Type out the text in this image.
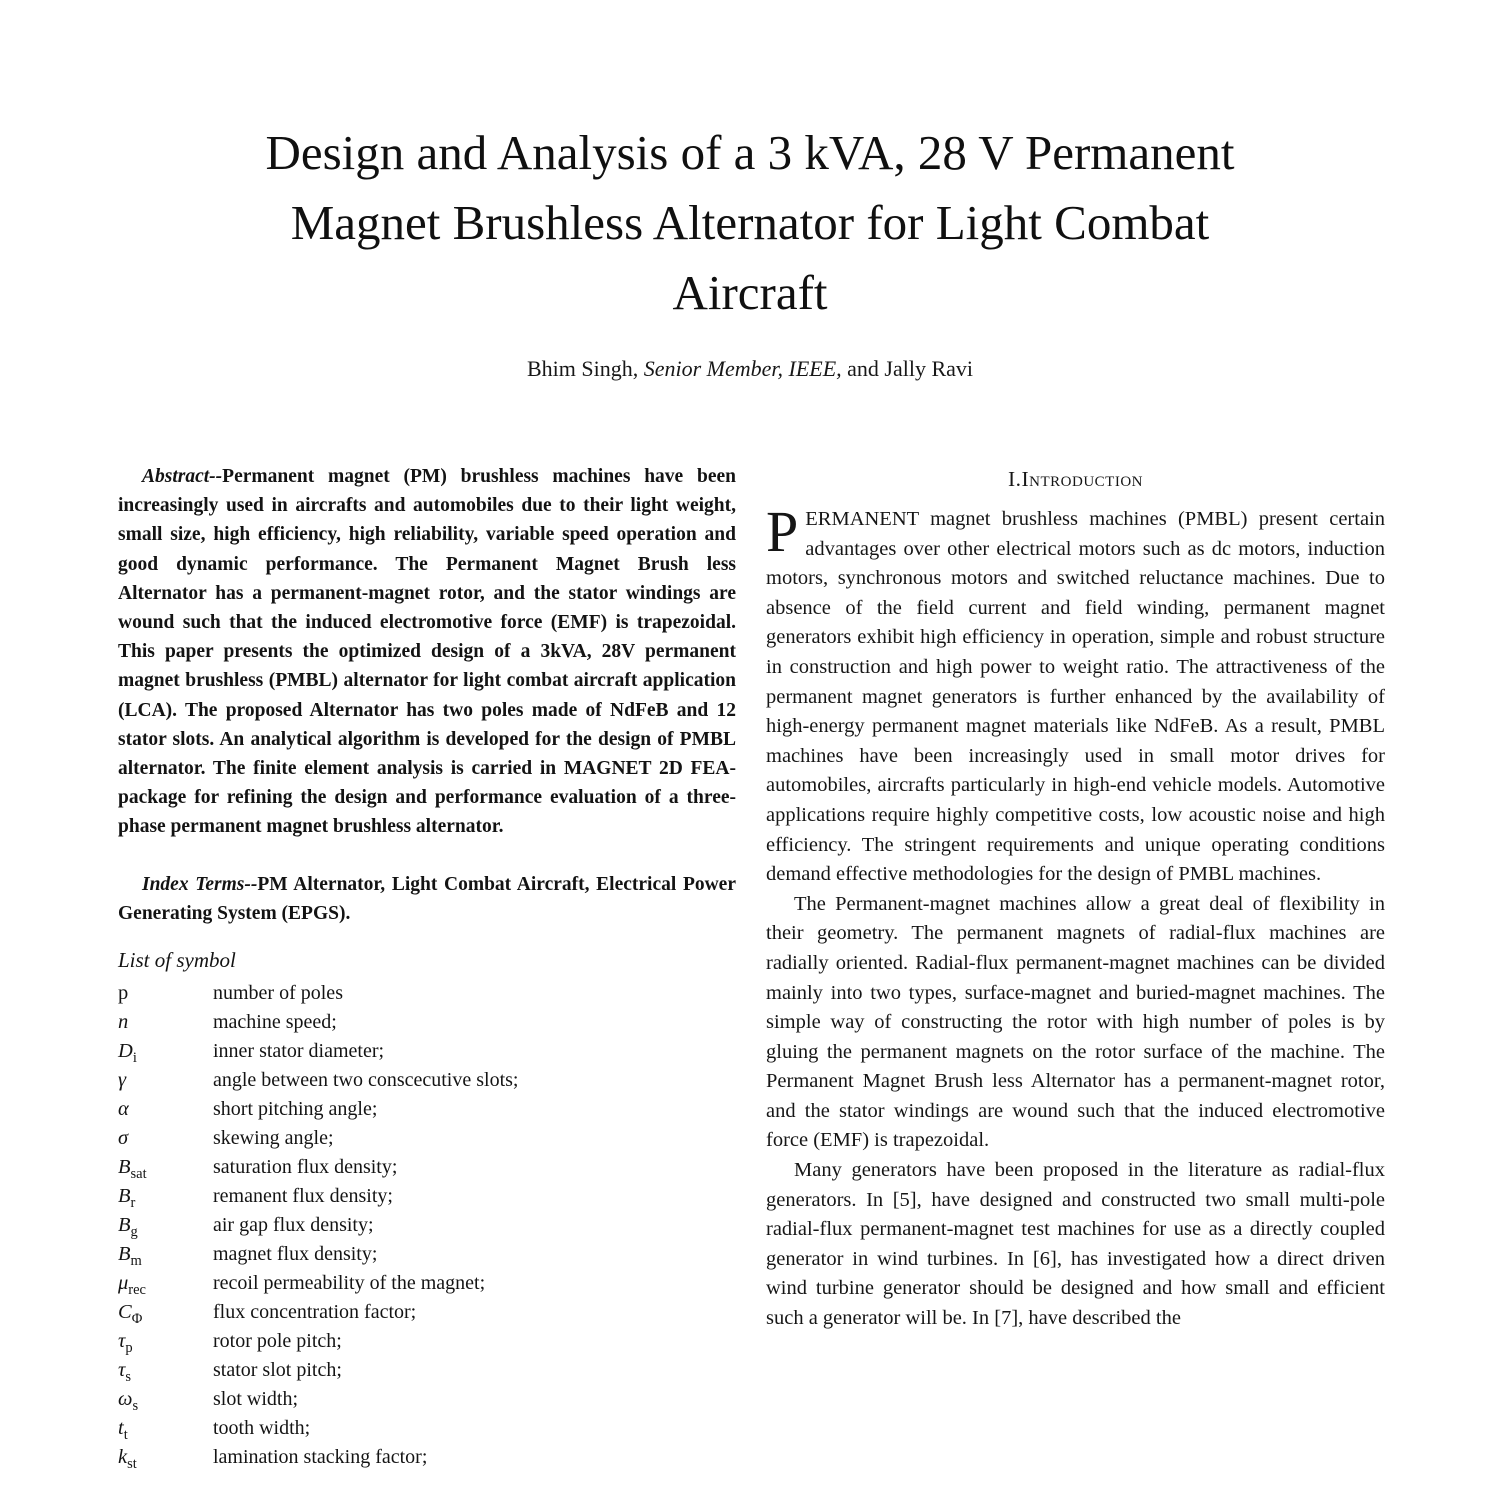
Design and Analysis of a 3 kVA, 28 V Permanent
Magnet Brushless Alternator for Light Combat
Aircraft
Bhim Singh, Senior Member, IEEE, and Jally Ravi

Abstract--Permanent magnet (PM) brushless machines have been increasingly used in aircrafts and automobiles due to their light weight, small size, high efficiency, high reliability, variable speed operation and good dynamic performance. The Permanent Magnet Brush less Alternator has a permanent-magnet rotor, and the stator windings are wound such that the induced electromotive force (EMF) is trapezoidal. This paper presents the optimized design of a 3kVA, 28V permanent magnet brushless (PMBL) alternator for light combat aircraft application (LCA). The proposed Alternator has two poles made of NdFeB and 12 stator slots. An analytical algorithm is developed for the design of PMBL alternator. The finite element analysis is carried in MAGNET 2D FEA-package for refining the design and performance evaluation of a three-phase permanent magnet brushless alternator.

Index Terms--PM Alternator, Light Combat Aircraft, Electrical Power Generating System (EPGS).

List of symbol

p	number of poles
n	machine speed;
$D_i$	inner stator diameter;
γ	angle between two conscecutive slots;
α	short pitching angle;
σ	skewing angle;
$B_{sat}$	saturation flux density;
$B_r$	remanent flux density;
$B_g$	air gap flux density;
$B_m$	magnet flux density;
$\mu_{rec}$	recoil permeability of the magnet;
$C_\Phi$	flux concentration factor;
$\tau_p$	rotor pole pitch;
$\tau_s$	stator slot pitch;
$\omega_s$	slot width;
$t_t$	tooth width;
$k_{st}$	lamination stacking factor;
I.Introduction

PERMANENT magnet brushless machines (PMBL) present certain advantages over other electrical motors such as dc motors, induction motors, synchronous motors and switched reluctance machines. Due to absence of the field current and field winding, permanent magnet generators exhibit high efficiency in operation, simple and robust structure in construction and high power to weight ratio. The attractiveness of the permanent magnet generators is further enhanced by the availability of high-energy permanent magnet materials like NdFeB. As a result, PMBL machines have been increasingly used in small motor drives for automobiles, aircrafts particularly in high-end vehicle models. Automotive applications require highly competitive costs, low acoustic noise and high efficiency. The stringent requirements and unique operating conditions demand effective methodologies for the design of PMBL machines.

The Permanent-magnet machines allow a great deal of flexibility in their geometry. The permanent magnets of radial-flux machines are radially oriented. Radial-flux permanent-magnet machines can be divided mainly into two types, surface-magnet and buried-magnet machines. The simple way of constructing the rotor with high number of poles is by gluing the permanent magnets on the rotor surface of the machine. The Permanent Magnet Brush less Alternator has a permanent-magnet rotor, and the stator windings are wound such that the induced electromotive force (EMF) is trapezoidal.

Many generators have been proposed in the literature as radial-flux generators. In [5], have designed and constructed two small multi-pole radial-flux permanent-magnet test machines for use as a directly coupled generator in wind turbines. In [6], has investigated how a direct driven wind turbine generator should be designed and how small and efficient such a generator will be. In [7], have described the
